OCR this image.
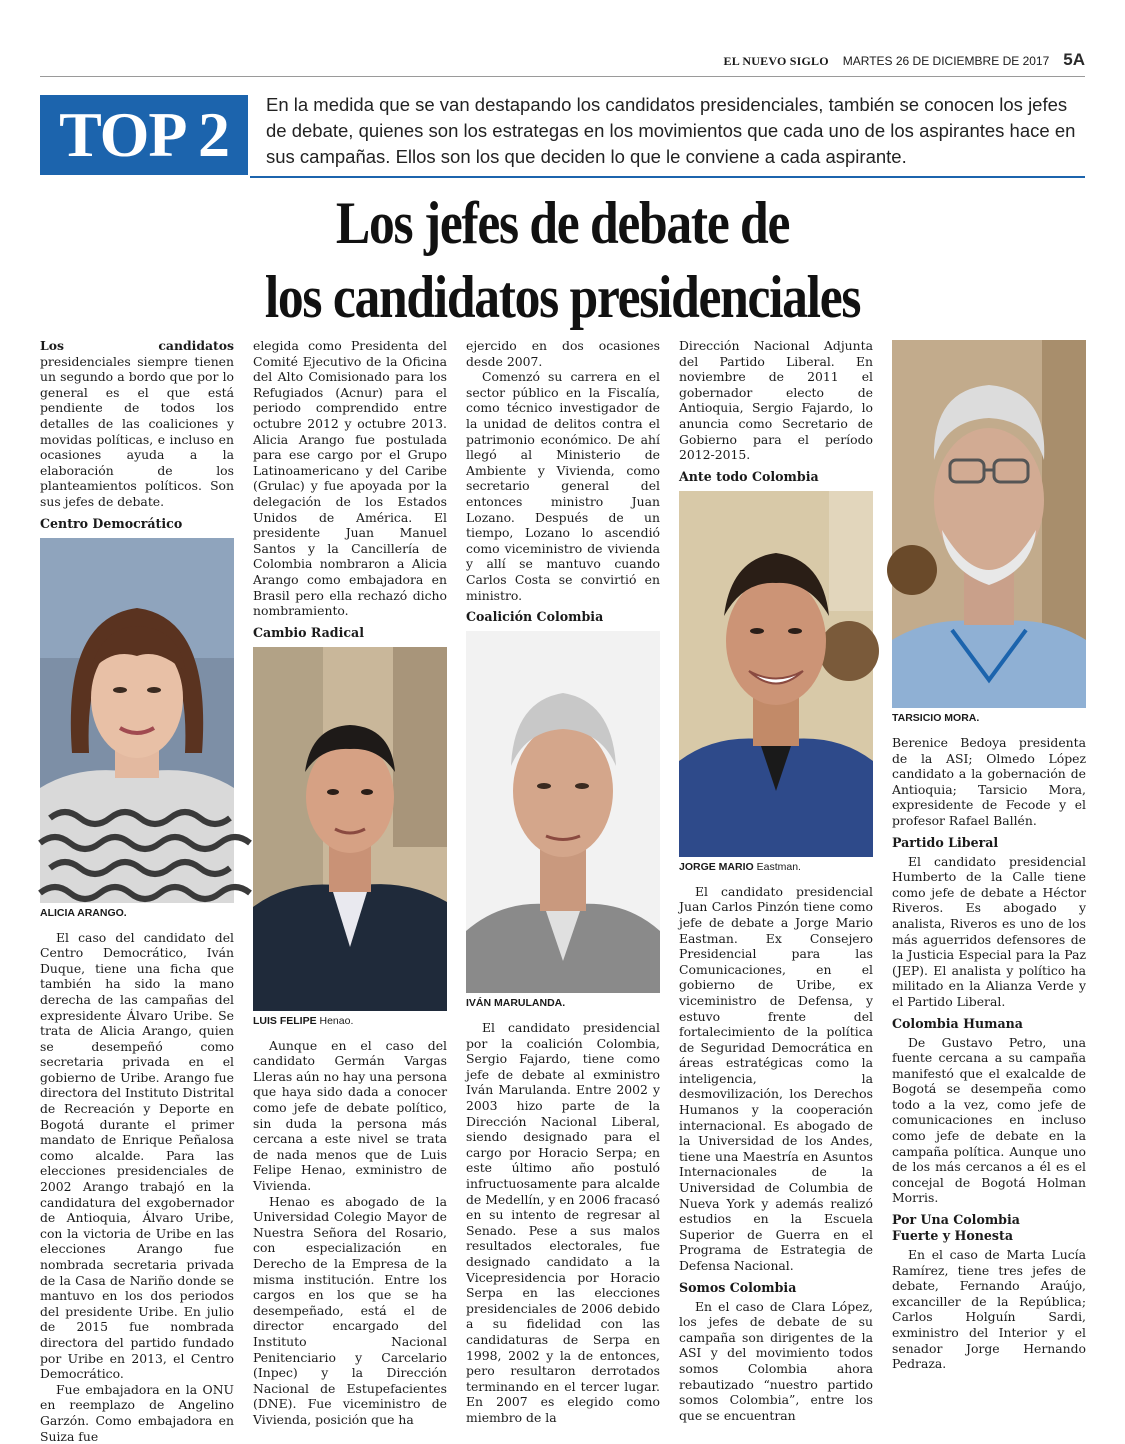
EL NUEVO SIGLO MARTES 26 DE DICIEMBRE DE 2017 5A
TOP 2	En la medida que se van destapando los candidatos presidenciales, también se conocen los jefes de debate, quienes son los estrategas en los movimientos que cada uno de los aspirantes hace en sus campañas. Ellos son los que deciden lo que le conviene a cada aspirante.
Los jefes de debate de
los candidatos presidenciales

Los candidatos presidenciales siempre tienen un segundo a bordo que por lo general es el que está pendiente de todos los detalles de las coaliciones y movidas políticas, e incluso en ocasiones ayuda a la elaboración de los planteamientos políticos. Son sus jefes de debate.

Centro Democrático
ALICIA ARANGO.

El caso del candidato del Centro Democrático, Iván Duque, tiene una ficha que también ha sido la mano derecha de las campañas del expresidente Álvaro Uribe. Se trata de Alicia Arango, quien se desempeñó como secretaria privada en el gobierno de Uribe. Arango fue directora del Instituto Distrital de Recreación y Deporte en Bogotá durante el primer mandato de Enrique Peñalosa como alcalde. Para las elecciones presidenciales de 2002 Arango trabajó en la candidatura del exgobernador de Antioquia, Álvaro Uribe, con la victoria de Uribe en las elecciones Arango fue nombrada secretaria privada de la Casa de Nariño donde se mantuvo en los dos periodos del presidente Uribe. En julio de 2015 fue nombrada directora del partido fundado por Uribe en 2013, el Centro Democrático.

Fue embajadora en la ONU en reemplazo de Angelino Garzón. Como embajadora en Suiza fue

elegida como Presidenta del Comité Ejecutivo de la Oficina del Alto Comisionado para los Refugiados (Acnur) para el periodo comprendido entre octubre 2012 y octubre 2013. Alicia Arango fue postulada para ese cargo por el Grupo Latinoamericano y del Caribe (Grulac) y fue apoyada por la delegación de los Estados Unidos de América. El presidente Juan Manuel Santos y la Cancillería de Colombia nombraron a Alicia Arango como embajadora en Brasil pero ella rechazó dicho nombramiento.

Cambio Radical
LUIS FELIPE Henao.

Aunque en el caso del candidato Germán Vargas Lleras aún no hay una persona que haya sido dada a conocer como jefe de debate político, sin duda la persona más cercana a este nivel se trata de nada menos que de Luis Felipe Henao, exministro de Vivienda.

Henao es abogado de la Universidad Colegio Mayor de Nuestra Señora del Rosario, con especialización en Derecho de la Empresa de la misma institución. Entre los cargos en los que se ha desempeñado, está el de director encargado del Instituto Nacional Penitenciario y Carcelario (Inpec) y la Dirección Nacional de Estupefacientes (DNE). Fue viceministro de Vivienda, posición que ha

ejercido en dos ocasiones desde 2007.

Comenzó su carrera en el sector público en la Fiscalía, como técnico investigador de la unidad de delitos contra el patrimonio económico. De ahí llegó al Ministerio de Ambiente y Vivienda, como secretario general del entonces ministro Juan Lozano. Después de un tiempo, Lozano lo ascendió como viceministro de vivienda y allí se mantuvo cuando Carlos Costa se convirtió en ministro.

Coalición Colombia
IVÁN MARULANDA.

El candidato presidencial por la coalición Colombia, Sergio Fajardo, tiene como jefe de debate al exministro Iván Marulanda. Entre 2002 y 2003 hizo parte de la Dirección Nacional Liberal, siendo designado para el cargo por Horacio Serpa; en este último año postuló infructuosamente para alcalde de Medellín, y en 2006 fracasó en su intento de regresar al Senado. Pese a sus malos resultados electorales, fue designado candidato a la Vicepresidencia por Horacio Serpa en las elecciones presidenciales de 2006 debido a su fidelidad con las candidaturas de Serpa en 1998, 2002 y la de entonces, pero resultaron derrotados terminando en el tercer lugar. En 2007 es elegido como miembro de la

Dirección Nacional Adjunta del Partido Liberal. En noviembre de 2011 el gobernador electo de Antioquia, Sergio Fajardo, lo anuncia como Secretario de Gobierno para el período 2012-2015.

Ante todo Colombia
JORGE MARIO Eastman.

El candidato presidencial Juan Carlos Pinzón tiene como jefe de debate a Jorge Mario Eastman. Ex Consejero Presidencial para las Comunicaciones, en el gobierno de Uribe, ex viceministro de Defensa, y estuvo frente del fortalecimiento de la política de Seguridad Democrática en áreas estratégicas como la inteligencia, la desmovilización, los Derechos Humanos y la cooperación internacional. Es abogado de la Universidad de los Andes, tiene una Maestría en Asuntos Internacionales de la Universidad de Columbia de Nueva York y además realizó estudios en la Escuela Superior de Guerra en el Programa de Estrategia de Defensa Nacional.

Somos Colombia

En el caso de Clara López, los jefes de debate de su campaña son dirigentes de la ASI y del movimiento todos somos Colombia ahora rebautizado “nuestro partido somos Colombia”, entre los que se encuentran

TARSICIO MORA.

Berenice Bedoya presidenta de la ASI; Olmedo López candidato a la gobernación de Antioquia; Tarsicio Mora, expresidente de Fecode y el profesor Rafael Ballén.

Partido Liberal

El candidato presidencial Humberto de la Calle tiene como jefe de debate a Héctor Riveros. Es abogado y analista, Riveros es uno de los más aguerridos defensores de la Justicia Especial para la Paz (JEP). El analista y político ha militado en la Alianza Verde y el Partido Liberal.

Colombia Humana

De Gustavo Petro, una fuente cercana a su campaña manifestó que el exalcalde de Bogotá se desempeña como todo a la vez, como jefe de comunicaciones en incluso como jefe de debate en la campaña política. Aunque uno de los más cercanos a él es el concejal de Bogotá Holman Morris.

Por Una Colombia
Fuerte y Honesta

En el caso de Marta Lucía Ramírez, tiene tres jefes de debate, Fernando Araújo, excanciller de la República; Carlos Holguín Sardi, exministro del Interior y el senador Jorge Hernando Pedraza.
